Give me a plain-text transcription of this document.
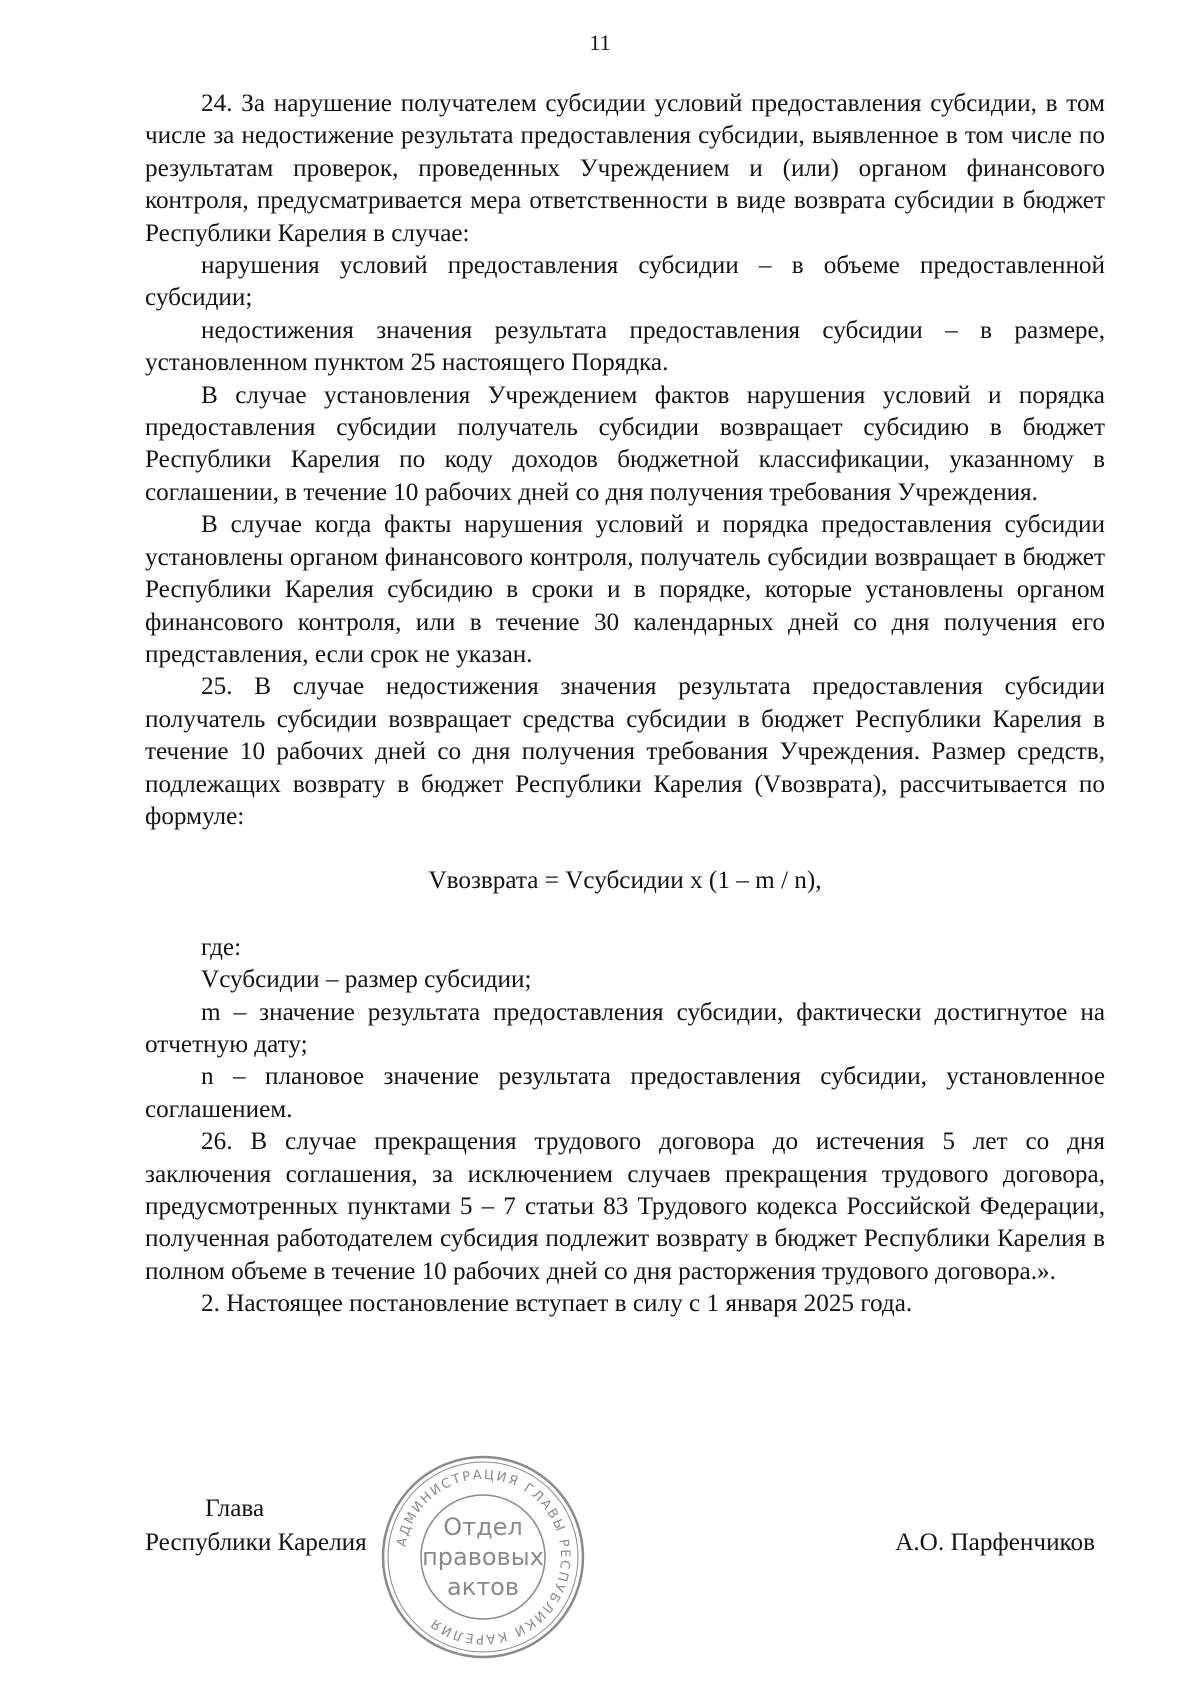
11

24. За нарушение получателем субсидии условий предоставления субсидии, в том числе за недостижение результата предоставления субсидии, выявленное в том числе по результатам проверок, проведенных Учреждением и (или) органом финансового контроля, предусматривается мера ответственности в виде возврата субсидии в бюджет Республики Карелия в случае:

нарушения условий предоставления субсидии – в объеме предоставленной субсидии;

недостижения значения результата предоставления субсидии – в размере, установленном пунктом 25 настоящего Порядка.

В случае установления Учреждением фактов нарушения условий и порядка предоставления субсидии получатель субсидии возвращает субсидию в бюджет Республики Карелия по коду доходов бюджетной классификации, указанному в соглашении, в течение 10 рабочих дней со дня получения требования Учреждения.

В случае когда факты нарушения условий и порядка предоставления субсидии установлены органом финансового контроля, получатель субсидии возвращает в бюджет Республики Карелия субсидию в сроки и в порядке, которые установлены органом финансового контроля, или в течение 30 календарных дней со дня получения его представления, если срок не указан.

25. В случае недостижения значения результата предоставления субсидии получатель субсидии возвращает средства субсидии в бюджет Республики Карелия в течение 10 рабочих дней со дня получения требования Учреждения. Размер средств, подлежащих возврату в бюджет Республики Карелия (Vвозврата), рассчитывается по формуле:

Vвозврата = Vсубсидии x (1 – m / n),

где:

Vсубсидии – размер субсидии;

m – значение результата предоставления субсидии, фактически достигнутое на отчетную дату;

n – плановое значение результата предоставления субсидии, установленное соглашением.

26. В случае прекращения трудового договора до истечения 5 лет со дня заключения соглашения, за исключением случаев прекращения трудового договора, предусмотренных пунктами 5 – 7 статьи 83 Трудового кодекса Российской Федерации, полученная работодателем субсидия подлежит возврату в бюджет Республики Карелия в полном объеме в течение 10 рабочих дней со дня расторжения трудового договора.».

2. Настоящее постановление вступает в силу с 1 января 2025 года.

Глава
Республики Карелия	А.О. Парфенчиков
АДМИНИСТРАЦИЯ ГЛАВЫ РЕСПУБЛИКИ КАРЕЛИЯ
Отдел
правовых
актов
